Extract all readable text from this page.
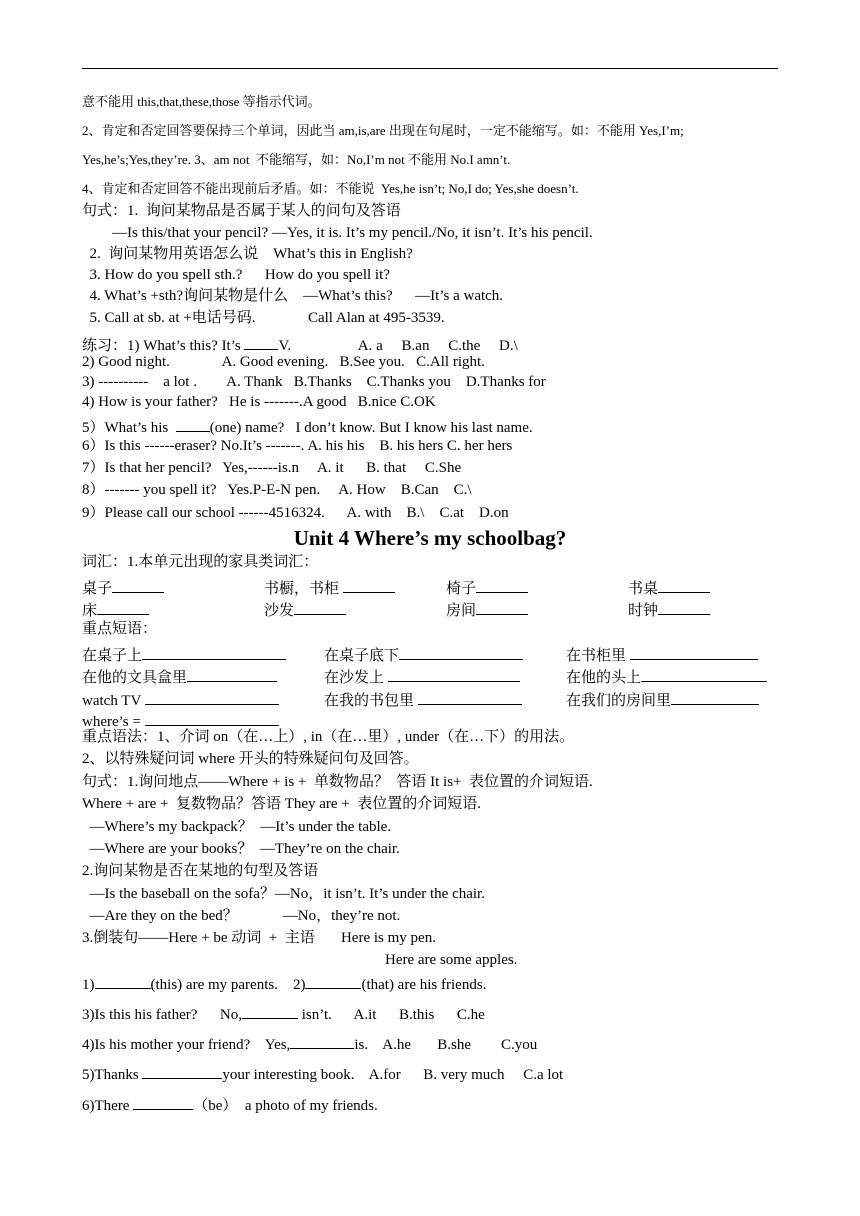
意不能用 this,that,these,those 等指示代词。
2、肯定和否定回答要保持三个单词，因此当 am,is,are 出现在句尾时，一定不能缩写。如：不能用 Yes,I’m;
Yes,he’s;Yes,they’re. 3、am not  不能缩写，如：No,I’m not 不能用 No.I amn’t.
4、肯定和否定回答不能出现前后矛盾。如：不能说  Yes,he isn’t; No,I do; Yes,she doesn’t.
句式：1.  询问某物品是否属于某人的问句及答语
—Is this/that your pencil? —Yes, it is. It’s my pencil./No, it isn’t. It’s his pencil.
2.  询问某物用英语怎么说    What’s this in English?
3. How do you spell sth.?      How do you spell it?
4. What’s +sth?询问某物是什么    —What’s this?      —It’s a watch.
5. Call at sb. at +电话号码.              Call Alan at 495-3539.
练习：1) What’s this? It’s V.                  A. a     B.an     C.the     D.\
2) Good night.              A. Good evening.   B.See you.   C.All right.
3) ----------    a lot .        A. Thank   B.Thanks    C.Thanks you    D.Thanks for
4) How is your father?   He is -------.A good   B.nice C.OK
5）What’s his  (one) name?   I don’t know. But I know his last name.
6）Is this ------eraser? No.It’s -------. A. his his    B. his hers C. her hers
7）Is that her pencil?   Yes,------is.n     A. it      B. that     C.She
8）------- you spell it?   Yes.P-E-N pen.     A. How    B.Can    C.\
9）Please call our school ------4516324.      A. with    B.\    C.at    D.on
Unit 4 Where’s my schoolbag?
词汇：1.本单元出现的家具类词汇：
桌子	书橱，书柜	椅子	书桌
床	沙发	房间	时钟
重点短语：
在桌子上	在桌子底下	在书柜里
在他的文具盒里	在沙发上	在他的头上
watch TV	在我的书包里	在我们的房间里
where’s =
重点语法：1、介词 on（在…上）, in（在…里）, under（在…下）的用法。
2、以特殊疑问词 where 开头的特殊疑问句及回答。
句式：1.询问地点——Where + is +  单数物品？  答语 It is+  表位置的介词短语.
Where + are +  复数物品？答语 They are +  表位置的介词短语.
—Where’s my backpack？  —It’s under the table.
—Where are your books？  —They’re on the chair.
2.询问某物是否在某地的句型及答语
—Is the baseball on the sofa？—No，it isn’t. It’s under the chair.
—Are they on the bed？            —No，they’re not.
3.倒装句——Here + be 动词  +  主语       Here is my pen.
Here are some apples.
1)	(this) are my parents.    2)	(that) are his friends.
3)Is this his father?      No,	isn’t.      A.it      B.this      C.he
4)Is his mother your friend?    Yes,	is.    A.he       B.she        C.you
5)Thanks	your interesting book.    A.for      B. very much     C.a lot
6)There	（be）  a photo of my friends.
